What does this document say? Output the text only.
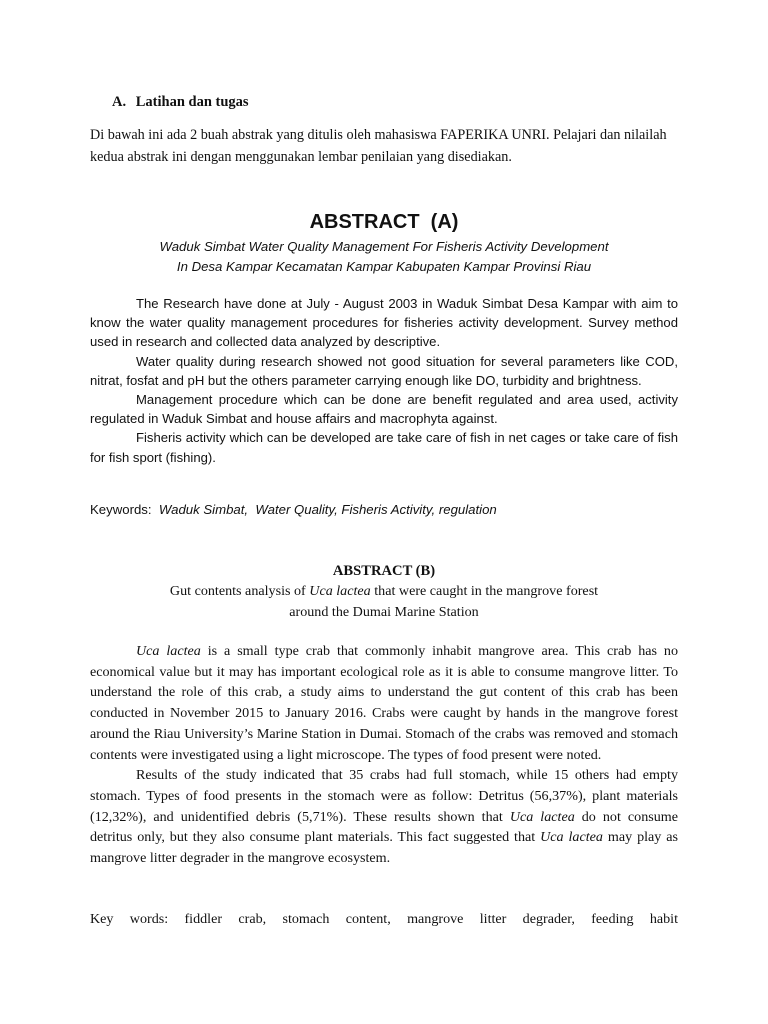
A. Latihan dan tugas

Di bawah ini ada 2 buah abstrak yang ditulis oleh mahasiswa FAPERIKA UNRI. Pelajari dan nilailah kedua abstrak ini dengan menggunakan lembar penilaian yang disediakan.

ABSTRACT  (A)
Waduk Simbat Water Quality Management For Fisheris Activity Development
In Desa Kampar Kecamatan Kampar Kabupaten Kampar Provinsi Riau

The Research have done at July - August 2003 in Waduk Simbat Desa Kampar with aim to know the water quality management procedures for fisheries activity development. Survey method used in research and collected data analyzed by descriptive.

Water quality during research showed not good situation for several parameters like COD, nitrat, fosfat and pH but the others parameter carrying enough like DO, turbidity and brightness.

Management procedure which can be done are benefit regulated and area used, activity regulated in Waduk Simbat and house affairs and macrophyta against.

Fisheris activity which can be developed are take care of fish in net cages or take care of fish for fish sport (fishing).

Keywords:  Waduk Simbat,  Water Quality, Fisheris Activity, regulation
ABSTRACT (B)
Gut contents analysis of Uca lactea that were caught in the mangrove forest
around the Dumai Marine Station

Uca lactea is a small type crab that commonly inhabit mangrove area. This crab has no economical value but it may has important ecological role as it is able to consume mangrove litter. To understand the role of this crab, a study aims to understand the gut content of this crab has been conducted in November 2015 to January 2016. Crabs were caught by hands in the mangrove forest around the Riau University’s Marine Station in Dumai. Stomach of the crabs was removed and stomach contents were investigated using a light microscope. The types of food present were noted.

Results of the study indicated that 35 crabs had full stomach, while 15 others had empty stomach. Types of food presents in the stomach were as follow: Detritus (56,37%), plant materials (12,32%), and unidentified debris (5,71%). These results shown that Uca lactea do not consume detritus only, but they also consume plant materials. This fact suggested that Uca lactea may play as mangrove litter degrader in the mangrove ecosystem.

Key words: fiddler crab, stomach content, mangrove litter degrader, feeding habit
